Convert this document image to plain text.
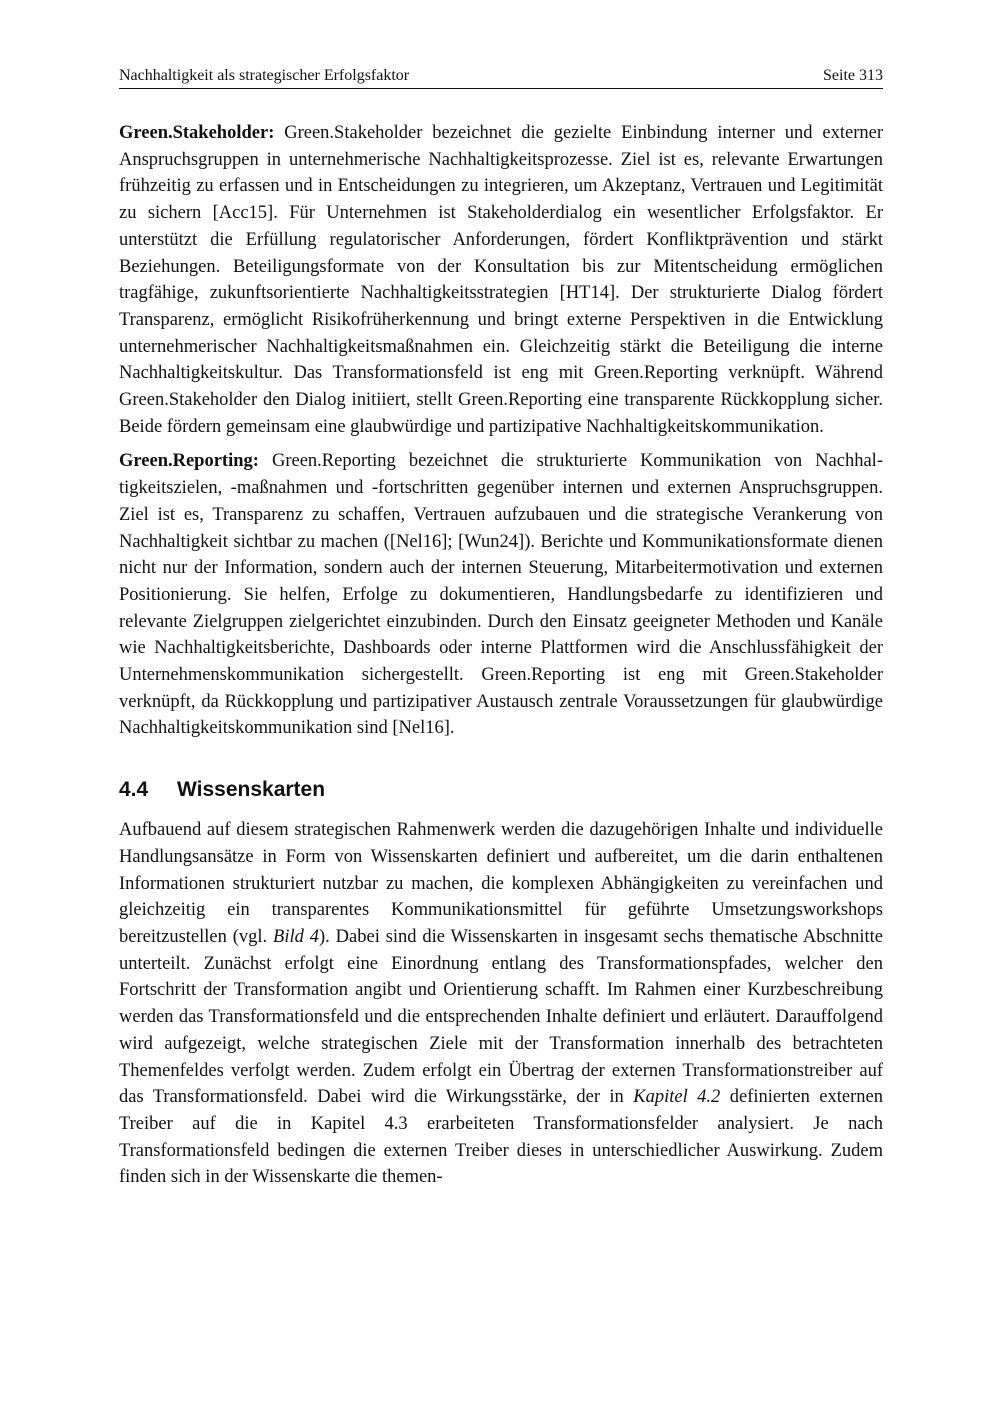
Nachhaltigkeit als strategischer Erfolgsfaktor	Seite 313

Green.Stakeholder: Green.Stakeholder bezeichnet die gezielte Einbindung interner und externer Anspruchsgruppen in unternehmerische Nachhaltigkeitsprozesse. Ziel ist es, relevante Erwartungen frühzeitig zu erfassen und in Entscheidungen zu integrieren, um Akzeptanz, Vertrauen und Legitimität zu sichern [Acc15]. Für Unternehmen ist Stakeholderdialog ein wesentlicher Erfolgsfaktor. Er unterstützt die Erfüllung regulatorischer Anforderungen, fördert Konfliktprävention und stärkt Beziehungen. Beteiligungsformate von der Konsultation bis zur Mitentscheidung ermöglichen tragfähige, zukunftsorientierte Nachhaltigkeitsstrategien [HT14]. Der strukturierte Dialog fördert Transparenz, ermöglicht Risikofrüherkennung und bringt externe Perspektiven in die Entwicklung unternehmerischer Nachhaltigkeitsmaßnahmen ein. Gleichzeitig stärkt die Beteiligung die interne Nachhaltigkeitskultur. Das Transformationsfeld ist eng mit Green.Reporting verknüpft. Während Green.Stakeholder den Dialog initiiert, stellt Green.Reporting eine transparente Rückkopplung sicher. Beide fördern gemeinsam eine glaubwürdige und partizipative Nachhaltigkeitskommunikation.

Green.Reporting: Green.Reporting bezeichnet die strukturierte Kommunikation von Nachhaltigkeitszielen, -maßnahmen und -fortschritten gegenüber internen und externen Anspruchsgruppen. Ziel ist es, Transparenz zu schaffen, Vertrauen aufzubauen und die strategische Verankerung von Nachhaltigkeit sichtbar zu machen ([Nel16]; [Wun24]). Berichte und Kommunikationsformate dienen nicht nur der Information, sondern auch der internen Steuerung, Mitarbeitermotivation und externen Positionierung. Sie helfen, Erfolge zu dokumentieren, Handlungsbedarfe zu identifizieren und relevante Zielgruppen zielgerichtet einzubinden. Durch den Einsatz geeigneter Methoden und Kanäle wie Nachhaltigkeitsberichte, Dashboards oder interne Plattformen wird die Anschlussfähigkeit der Unternehmenskommunikation sichergestellt. Green.Reporting ist eng mit Green.Stakeholder verknüpft, da Rückkopplung und partizipativer Austausch zentrale Voraussetzungen für glaubwürdige Nachhaltigkeitskommunikation sind [Nel16].

4.4	Wissenskarten

Aufbauend auf diesem strategischen Rahmenwerk werden die dazugehörigen Inhalte und individuelle Handlungsansätze in Form von Wissenskarten definiert und aufbereitet, um die darin enthaltenen Informationen strukturiert nutzbar zu machen, die komplexen Abhängigkeiten zu vereinfachen und gleichzeitig ein transparentes Kommunikationsmittel für geführte Umsetzungsworkshops bereitzustellen (vgl. Bild 4). Dabei sind die Wissenskarten in insgesamt sechs thematische Abschnitte unterteilt. Zunächst erfolgt eine Einordnung entlang des Transformationspfades, welcher den Fortschritt der Transformation angibt und Orientierung schafft. Im Rahmen einer Kurzbeschreibung werden das Transformationsfeld und die entsprechenden Inhalte definiert und erläutert. Darauffolgend wird aufgezeigt, welche strategischen Ziele mit der Transformation innerhalb des betrachteten Themenfeldes verfolgt werden. Zudem erfolgt ein Übertrag der externen Transformationstreiber auf das Transformationsfeld. Dabei wird die Wirkungsstärke, der in Kapitel 4.2 definierten externen Treiber auf die in Kapitel 4.3 erarbeiteten Transformationsfelder analysiert. Je nach Transformationsfeld bedingen die externen Treiber dieses in unterschiedlicher Auswirkung. Zudem finden sich in der Wissenskarte die themen-
